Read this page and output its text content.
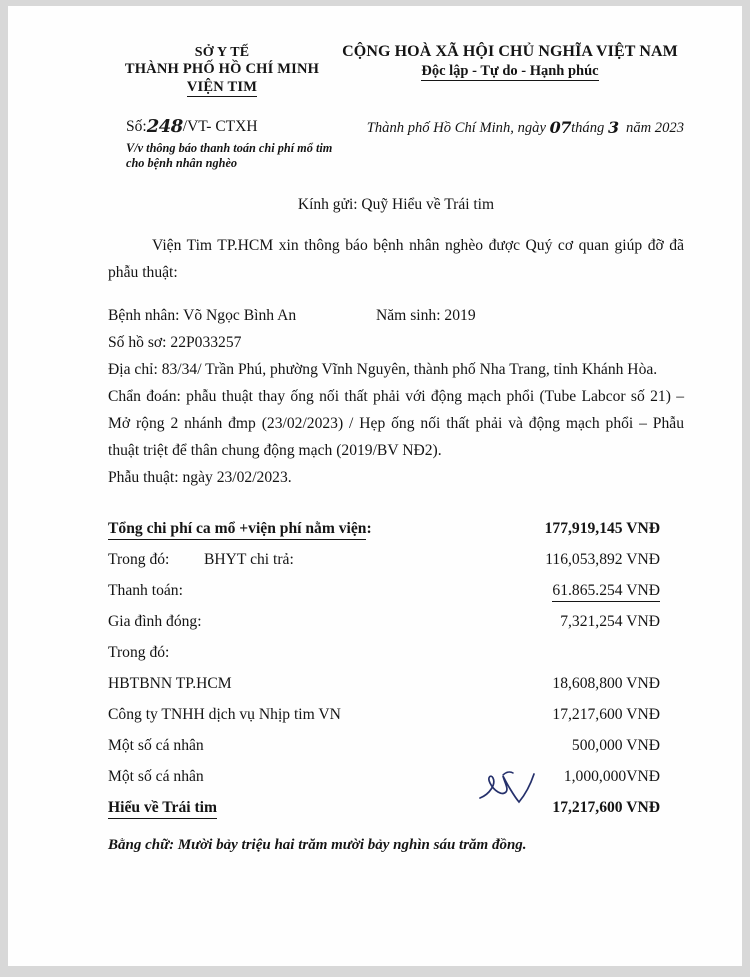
SỞ Y TẾ
THÀNH PHỐ HỒ CHÍ MINH
VIỆN TIM
CỘNG HOÀ XÃ HỘI CHỦ NGHĨA VIỆT NAM
Độc lập - Tự do - Hạnh phúc
Số:248/VT- CTXH
V/v thông báo thanh toán chi phí mổ tim
cho bệnh nhân nghèo
Thành phố Hồ Chí Minh, ngày 07tháng 3 năm 2023
Kính gửi: Quỹ Hiểu về Trái tim
Viện Tim TP.HCM xin thông báo bệnh nhân nghèo được Quý cơ quan giúp đỡ đã phẫu thuật:
Bệnh nhân: Võ Ngọc Bình An	Năm sinh: 2019
Số hồ sơ: 22P033257
Địa chỉ: 83/34/ Trần Phú, phường Vĩnh Nguyên, thành phố Nha Trang, tỉnh Khánh Hòa.
Chẩn đoán: phẫu thuật thay ống nối thất phải với động mạch phổi (Tube Labcor số 21) – Mở rộng 2 nhánh đmp (23/02/2023) / Hẹp ống nối thất phải và động mạch phổi – Phẫu thuật triệt để thân chung động mạch (2019/BV NĐ2).
Phẫu thuật: ngày 23/02/2023.
Tổng chi phí ca mổ +viện phí nằm viện:	177,919,145 VNĐ
Trong đó: BHYT chi trả:	116,053,892 VNĐ
Thanh toán:	61.865.254 VNĐ
Gia đình đóng:	7,321,254 VNĐ
Trong đó:
HBTBNN TP.HCM	18,608,800 VNĐ
Công ty TNHH dịch vụ Nhịp tim VN	17,217,600 VNĐ
Một số cá nhân	500,000 VNĐ
Một số cá nhân	1,000,000VNĐ
Hiểu về Trái tim	17,217,600 VNĐ
Bằng chữ: Mười bảy triệu hai trăm mười bảy nghìn sáu trăm đồng.
